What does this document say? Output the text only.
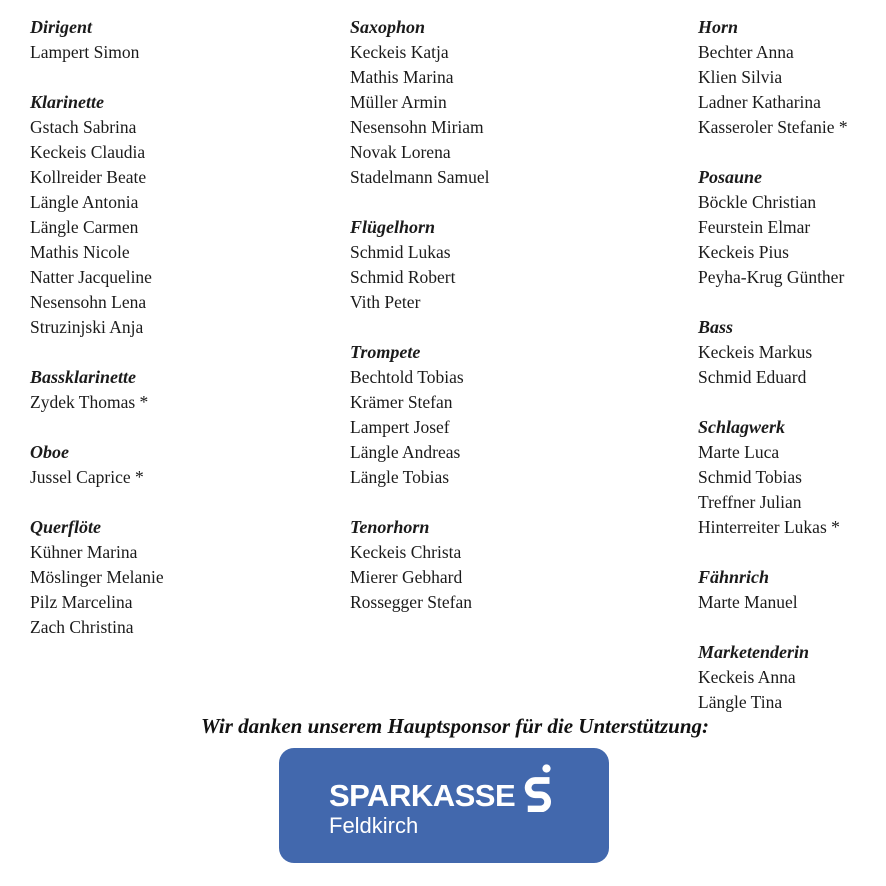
Dirigent
Lampert Simon
Klarinette
Gstach Sabrina
Keckeis Claudia
Kollreider Beate
Längle Antonia
Längle Carmen
Mathis Nicole
Natter Jacqueline
Nesensohn Lena
Struzinjski Anja
Bassklarinette
Zydek Thomas *
Oboe
Jussel Caprice *
Querflöte
Kühner Marina
Möslinger Melanie
Pilz Marcelina
Zach Christina
Saxophon
Keckeis Katja
Mathis Marina
Müller Armin
Nesensohn Miriam
Novak Lorena
Stadelmann Samuel
Flügelhorn
Schmid Lukas
Schmid Robert
Vith Peter
Trompete
Bechtold Tobias
Krämer Stefan
Lampert Josef
Längle Andreas
Längle Tobias
Tenorhorn
Keckeis Christa
Mierer Gebhard
Rossegger Stefan
Horn
Bechter Anna
Klien Silvia
Ladner Katharina
Kasseroler Stefanie *
Posaune
Böckle Christian
Feurstein Elmar
Keckeis Pius
Peyha-Krug Günther
Bass
Keckeis Markus
Schmid Eduard
Schlagwerk
Marte Luca
Schmid Tobias
Treffner Julian
Hinterreiter Lukas *
Fähnrich
Marte Manuel
Marketenderin
Keckeis Anna
Längle Tina
Wir danken unserem Hauptsponsor für die Unterstützung:
SPARKASSE
Feldkirch
